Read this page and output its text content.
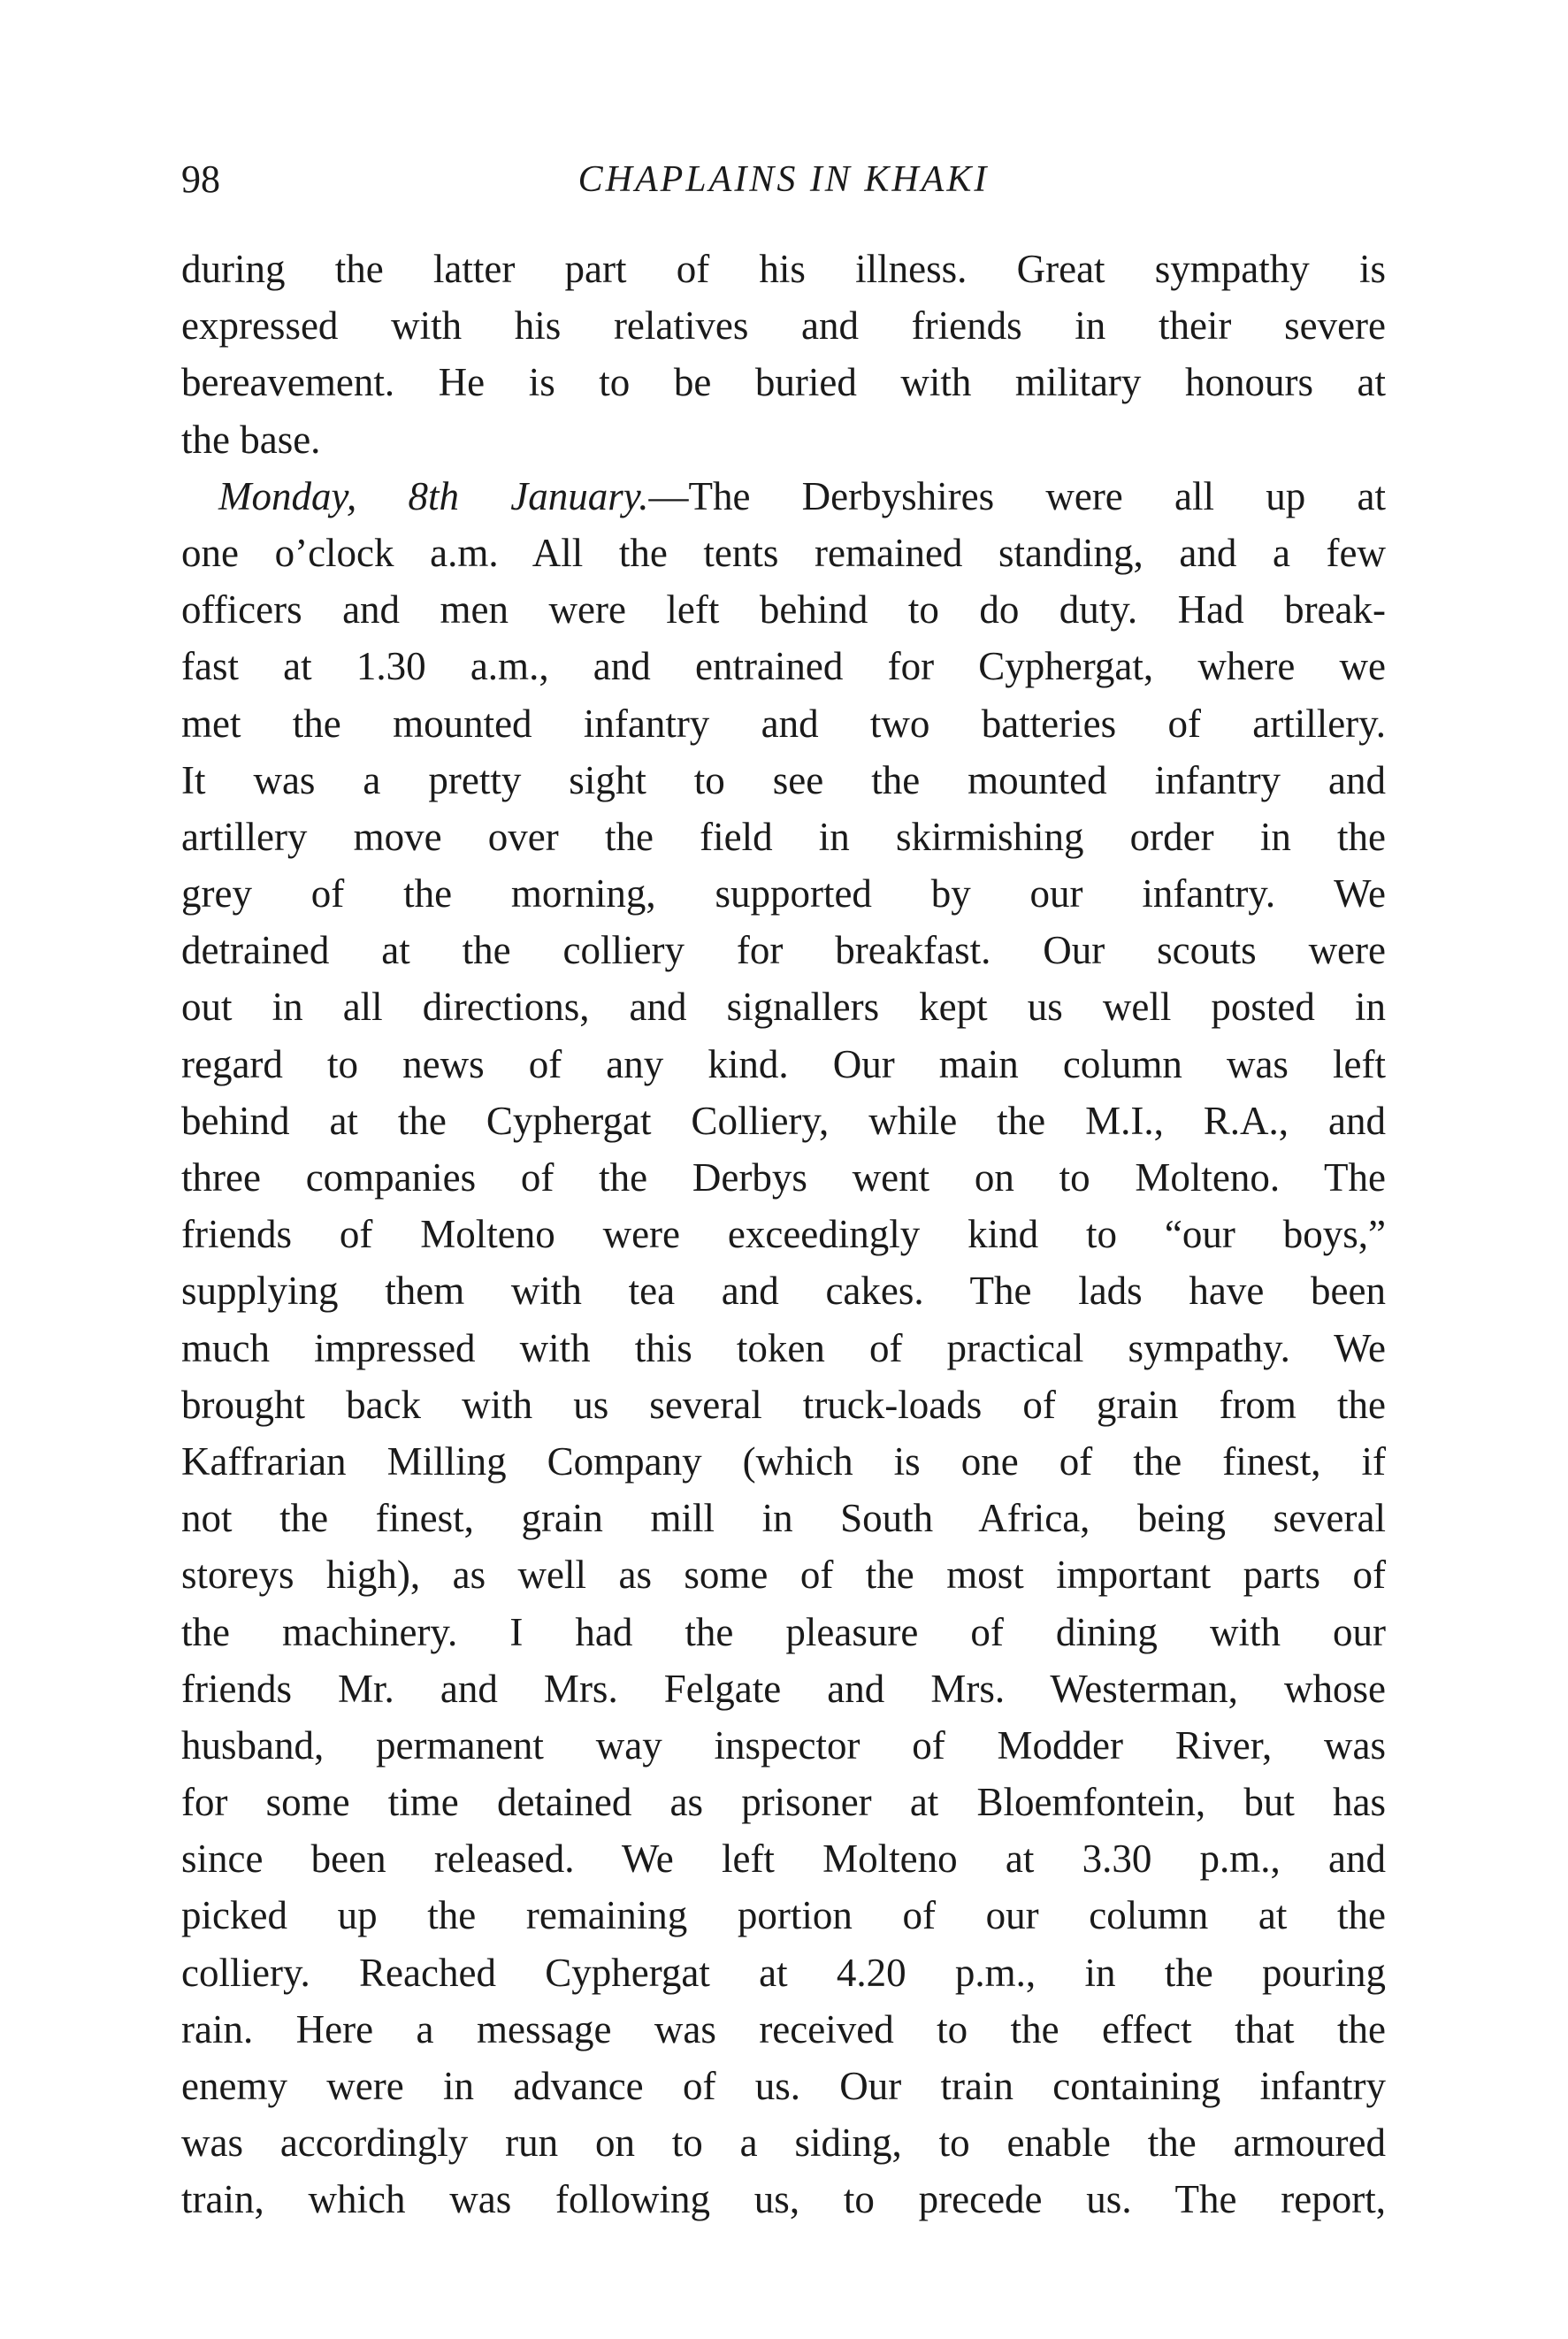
98	CHAPLAINS IN KHAKI
during the latter part of his illness. Great sympathy is
expressed with his relatives and friends in their severe
bereavement. He is to be buried with military honours at
the base.
Monday, 8th January.—The Derbyshires were all up at
one o’clock a.m. All the tents remained standing, and a few
officers and men were left behind to do duty. Had break-
fast at 1.30 a.m., and entrained for Cyphergat, where we
met the mounted infantry and two batteries of artillery.
It was a pretty sight to see the mounted infantry and
artillery move over the field in skirmishing order in the
grey of the morning, supported by our infantry. We
detrained at the colliery for breakfast. Our scouts were
out in all directions, and signallers kept us well posted in
regard to news of any kind. Our main column was left
behind at the Cyphergat Colliery, while the M.I., R.A., and
three companies of the Derbys went on to Molteno. The
friends of Molteno were exceedingly kind to “our boys,”
supplying them with tea and cakes. The lads have been
much impressed with this token of practical sympathy. We
brought back with us several truck-loads of grain from the
Kaffrarian Milling Company (which is one of the finest, if
not the finest, grain mill in South Africa, being several
storeys high), as well as some of the most important parts of
the machinery. I had the pleasure of dining with our
friends Mr. and Mrs. Felgate and Mrs. Westerman, whose
husband, permanent way inspector of Modder River, was
for some time detained as prisoner at Bloemfontein, but has
since been released. We left Molteno at 3.30 p.m., and
picked up the remaining portion of our column at the
colliery. Reached Cyphergat at 4.20 p.m., in the pouring
rain. Here a message was received to the effect that the
enemy were in advance of us. Our train containing infantry
was accordingly run on to a siding, to enable the armoured
train, which was following us, to precede us. The report,
